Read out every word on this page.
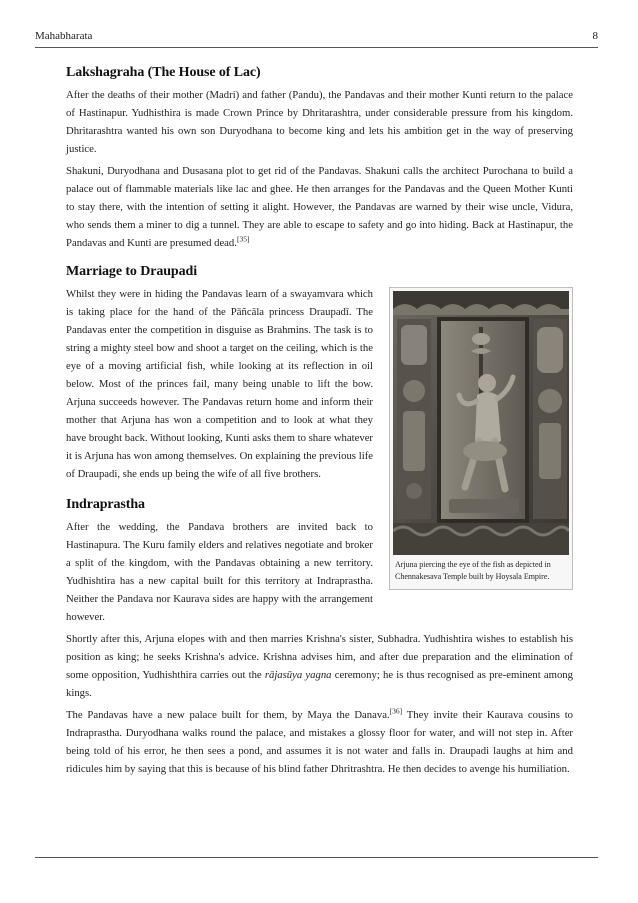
Mahabharata	8
Lakshagraha (The House of Lac)

After the deaths of their mother (Madri) and father (Pandu), the Pandavas and their mother Kunti return to the palace of Hastinapur. Yudhisthira is made Crown Prince by Dhritarashtra, under considerable pressure from his kingdom. Dhritarashtra wanted his own son Duryodhana to become king and lets his ambition get in the way of preserving justice.

Shakuni, Duryodhana and Dusasana plot to get rid of the Pandavas. Shakuni calls the architect Purochana to build a palace out of flammable materials like lac and ghee. He then arranges for the Pandavas and the Queen Mother Kunti to stay there, with the intention of setting it alight. However, the Pandavas are warned by their wise uncle, Vidura, who sends them a miner to dig a tunnel. They are able to escape to safety and go into hiding. Back at Hastinapur, the Pandavas and Kunti are presumed dead.[35]

Marriage to Draupadi
Arjuna piercing the eye of the fish as depicted in Chennakesava Temple built by Hoysala Empire.

Whilst they were in hiding the Pandavas learn of a swayamvara which is taking place for the hand of the Pāñcāla princess Draupadī. The Pandavas enter the competition in disguise as Brahmins. The task is to string a mighty steel bow and shoot a target on the ceiling, which is the eye of a moving artificial fish, while looking at its reflection in oil below. Most of the princes fail, many being unable to lift the bow. Arjuna succeeds however. The Pandavas return home and inform their mother that Arjuna has won a competition and to look at what they have brought back. Without looking, Kunti asks them to share whatever it is Arjuna has won among themselves. On explaining the previous life of Draupadi, she ends up being the wife of all five brothers.

Indraprastha

After the wedding, the Pandava brothers are invited back to Hastinapura. The Kuru family elders and relatives negotiate and broker a split of the kingdom, with the Pandavas obtaining a new territory. Yudhishtira has a new capital built for this territory at Indraprastha. Neither the Pandava nor Kaurava sides are happy with the arrangement however.

Shortly after this, Arjuna elopes with and then marries Krishna's sister, Subhadra. Yudhishtira wishes to establish his position as king; he seeks Krishna's advice. Krishna advises him, and after due preparation and the elimination of some opposition, Yudhishthira carries out the rājasūya yagna ceremony; he is thus recognised as pre-eminent among kings.

The Pandavas have a new palace built for them, by Maya the Danava.[36] They invite their Kaurava cousins to Indraprastha. Duryodhana walks round the palace, and mistakes a glossy floor for water, and will not step in. After being told of his error, he then sees a pond, and assumes it is not water and falls in. Draupadi laughs at him and ridicules him by saying that this is because of his blind father Dhritrashtra. He then decides to avenge his humiliation.
